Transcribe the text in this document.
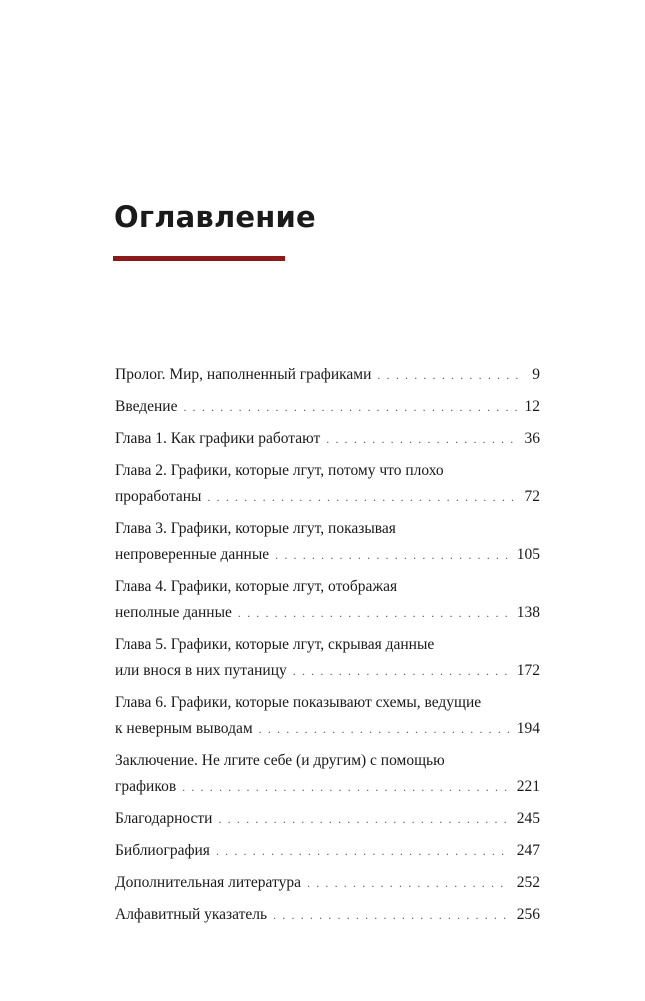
Оглавление
Пролог. Мир, наполненный графиками . . .	9
Введение . . .	12
Глава 1. Как графики работают . . .	36
Глава 2. Графики, которые лгут, потому что плохо
проработаны . . .	72
Глава 3. Графики, которые лгут, показывая
непроверенные данные . . .	105
Глава 4. Графики, которые лгут, отображая
неполные данные . . .	138
Глава 5. Графики, которые лгут, скрывая данные
или внося в них путаницу . . .	172
Глава 6. Графики, которые показывают схемы, ведущие
к неверным выводам . . .	194
Заключение. Не лгите себе (и другим) с помощью
графиков . . .	221
Благодарности . . .	245
Библиография . . .	247
Дополнительная литература . . .	252
Алфавитный указатель . . .	256
